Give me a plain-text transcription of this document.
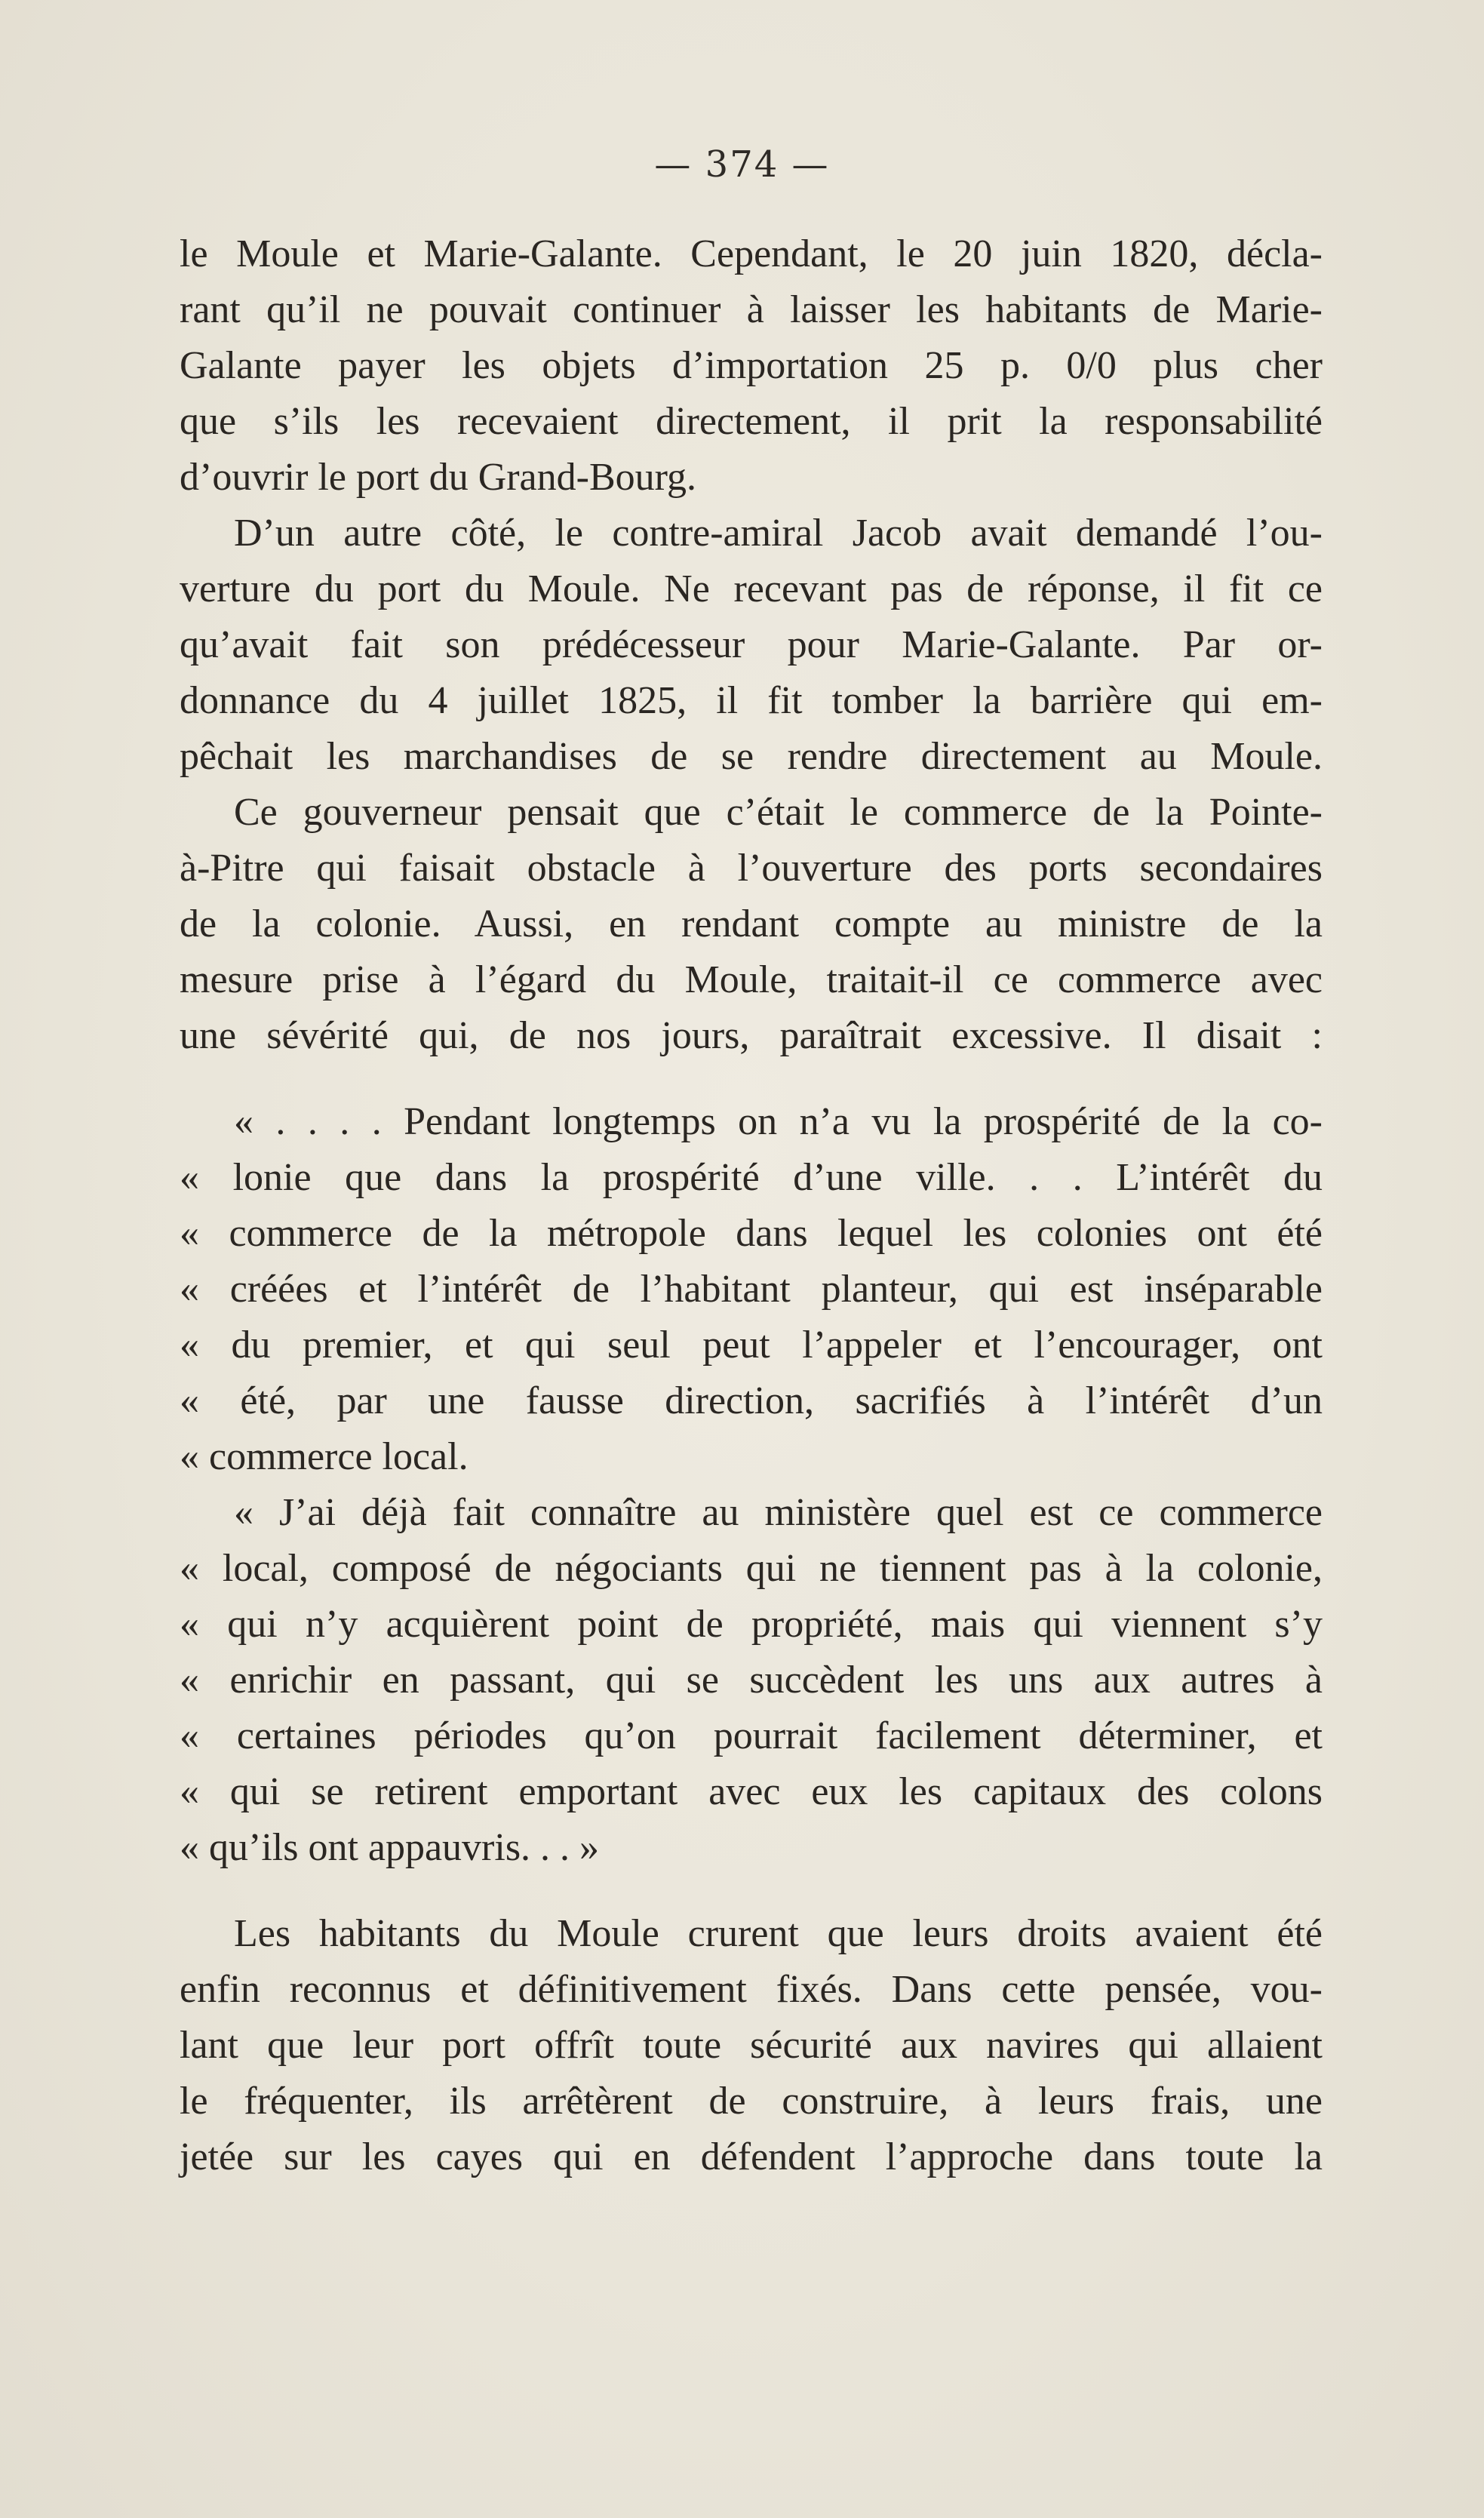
— 374 —
le Moule et Marie-Galante. Cependant, le 20 juin 1820, décla-
rant qu’il ne pouvait continuer à laisser les habitants de Marie-
Galante payer les objets d’importation 25 p. 0/0 plus cher
que s’ils les recevaient directement, il prit la responsabilité
d’ouvrir le port du Grand-Bourg.
D’un autre côté, le contre-amiral Jacob avait demandé l’ou-
verture du port du Moule. Ne recevant pas de réponse, il fit ce
qu’avait fait son prédécesseur pour Marie-Galante. Par or-
donnance du 4 juillet 1825, il fit tomber la barrière qui em-
pêchait les marchandises de se rendre directement au Moule.
Ce gouverneur pensait que c’était le commerce de la Pointe-
à-Pitre qui faisait obstacle à l’ouverture des ports secondaires
de la colonie. Aussi, en rendant compte au ministre de la
mesure prise à l’égard du Moule, traitait-il ce commerce avec
une sévérité qui, de nos jours, paraîtrait excessive. Il disait :
« . . . . Pendant longtemps on n’a vu la prospérité de la co-
« lonie que dans la prospérité d’une ville. . . L’intérêt du
« commerce de la métropole dans lequel les colonies ont été
« créées et l’intérêt de l’habitant planteur, qui est inséparable
« du premier, et qui seul peut l’appeler et l’encourager, ont
« été, par une fausse direction, sacrifiés à l’intérêt d’un
« commerce local.
« J’ai déjà fait connaître au ministère quel est ce commerce
« local, composé de négociants qui ne tiennent pas à la colonie,
« qui n’y acquièrent point de propriété, mais qui viennent s’y
« enrichir en passant, qui se succèdent les uns aux autres à
« certaines périodes qu’on pourrait facilement déterminer, et
« qui se retirent emportant avec eux les capitaux des colons
« qu’ils ont appauvris. . . »
Les habitants du Moule crurent que leurs droits avaient été
enfin reconnus et définitivement fixés. Dans cette pensée, vou-
lant que leur port offrît toute sécurité aux navires qui allaient
le fréquenter, ils arrêtèrent de construire, à leurs frais, une
jetée sur les cayes qui en défendent l’approche dans toute la
